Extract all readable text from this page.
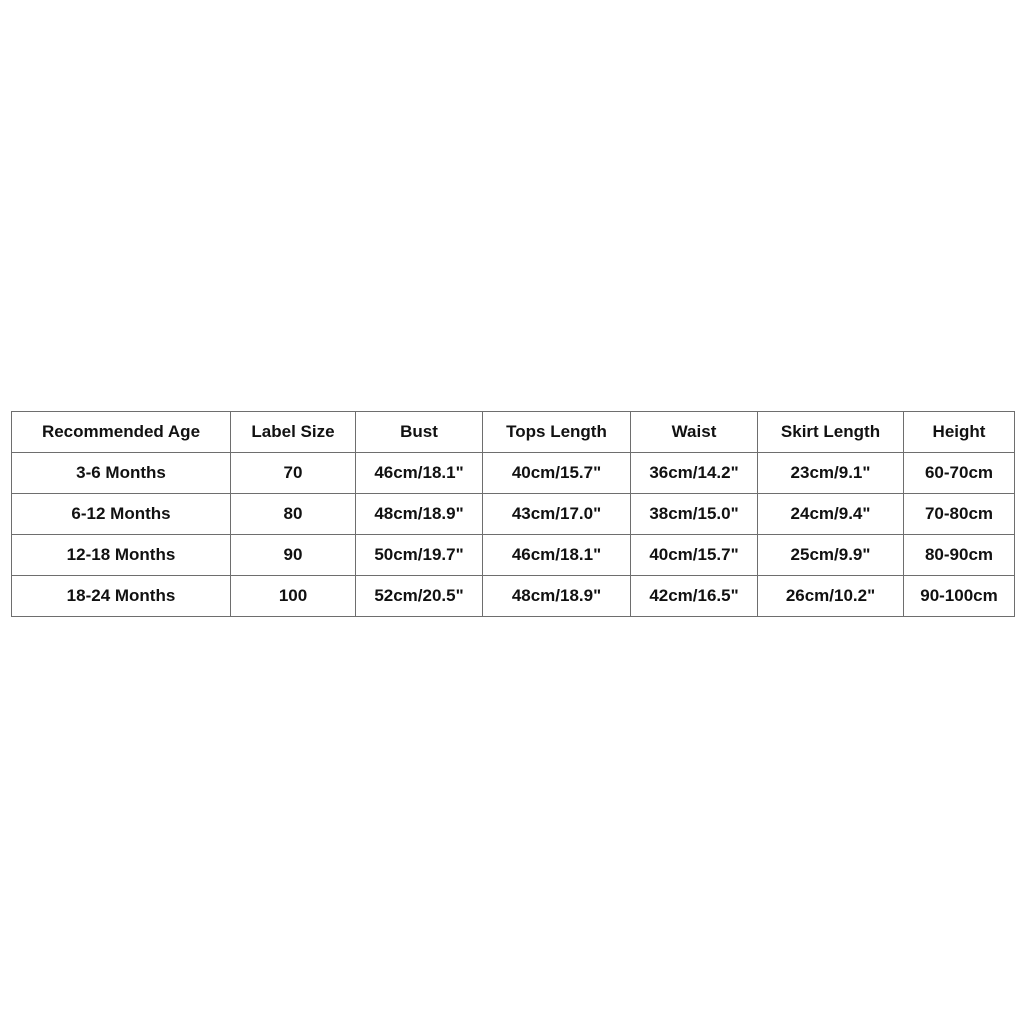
Recommended Age	Label Size	Bust	Tops Length	Waist	Skirt Length	Height
3-6 Months	70	46cm/18.1"	40cm/15.7"	36cm/14.2"	23cm/9.1"	60-70cm
6-12 Months	80	48cm/18.9"	43cm/17.0"	38cm/15.0"	24cm/9.4"	70-80cm
12-18 Months	90	50cm/19.7"	46cm/18.1"	40cm/15.7"	25cm/9.9"	80-90cm
18-24 Months	100	52cm/20.5"	48cm/18.9"	42cm/16.5"	26cm/10.2"	90-100cm
